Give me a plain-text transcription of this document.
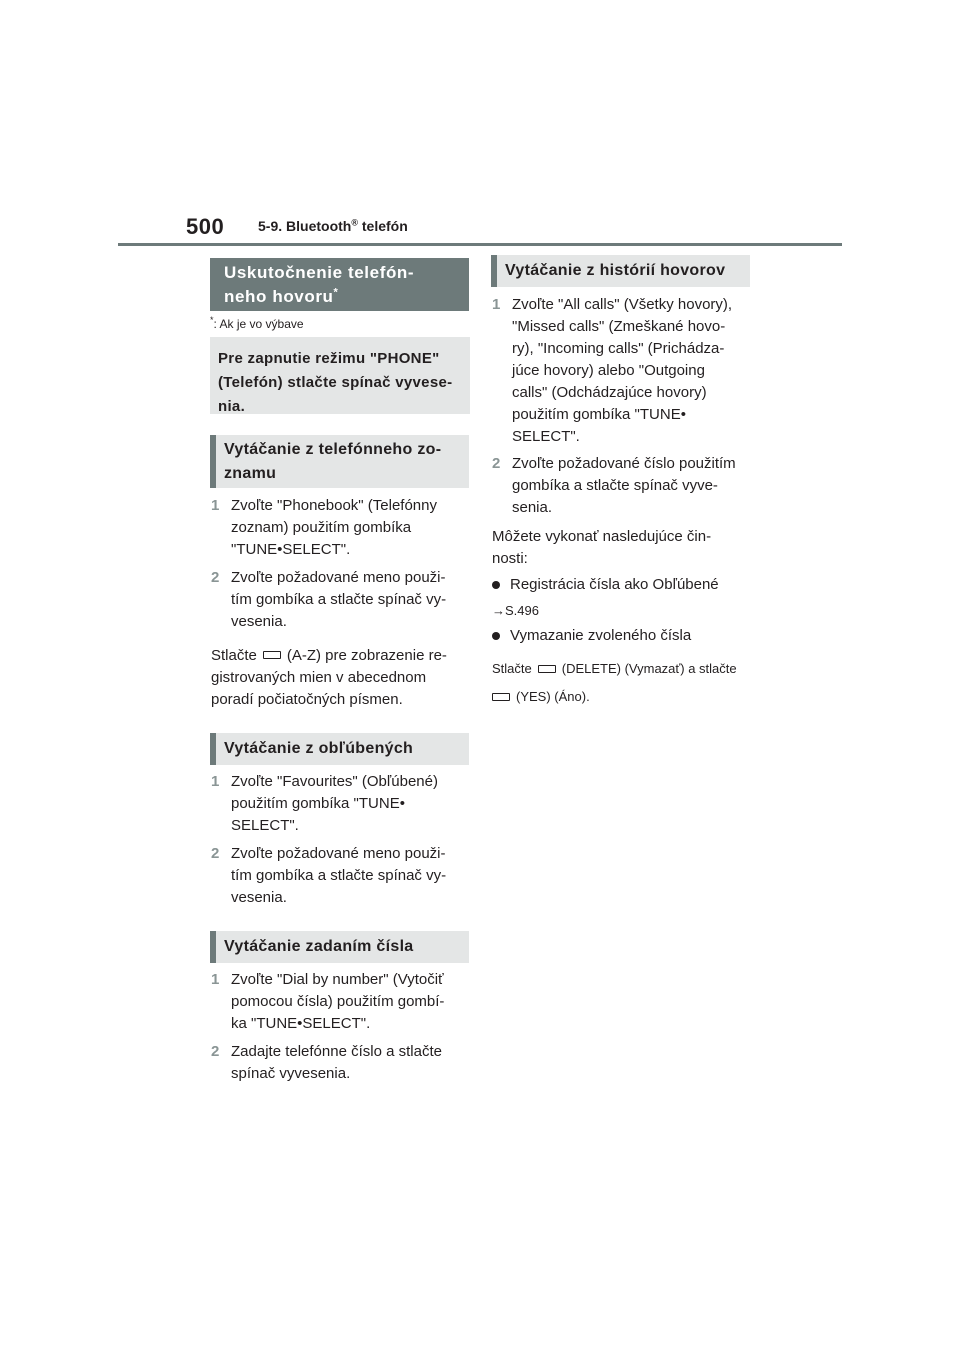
500 5-9. Bluetooth® telefón
Uskutočnenie telefón-
neho hovoru*
*: Ak je vo výbave
Pre zapnutie režimu "PHONE"
(Telefón) stlačte spínač vyvese-
nia.
Vytáčanie z telefónneho zo-
znamu
1 Zvoľte "Phonebook" (Telefónny
zoznam) použitím gombíka
"TUNE•SELECT".
2 Zvoľte požadované meno použi-
tím gombíka a stlačte spínač vy-
vesenia.
Stlačte (A-Z) pre zobrazenie re-
gistrovaných mien v abecednom
poradí počiatočných písmen.
Vytáčanie z obľúbených
1 Zvoľte "Favourites" (Obľúbené)
použitím gombíka "TUNE•
SELECT".
2 Zvoľte požadované meno použi-
tím gombíka a stlačte spínač vy-
vesenia.
Vytáčanie zadaním čísla
1 Zvoľte "Dial by number" (Vytočiť
pomocou čísla) použitím gombí-
ka "TUNE•SELECT".
2 Zadajte telefónne číslo a stlačte
spínač vyvesenia.
Vytáčanie z histórií hovorov
1 Zvoľte "All calls" (Všetky hovory),
"Missed calls" (Zmeškané hovo-
ry), "Incoming calls" (Prichádza-
júce hovory) alebo "Outgoing
calls" (Odchádzajúce hovory)
použitím gombíka "TUNE•
SELECT".
2 Zvoľte požadované číslo použitím
gombíka a stlačte spínač vyve-
senia.
Môžete vykonať nasledujúce čin-
nosti:
Registrácia čísla ako Obľúbené
→S.496
Vymazanie zvoleného čísla
Stlačte (DELETE) (Vymazať) a stlačte
(YES) (Áno).
